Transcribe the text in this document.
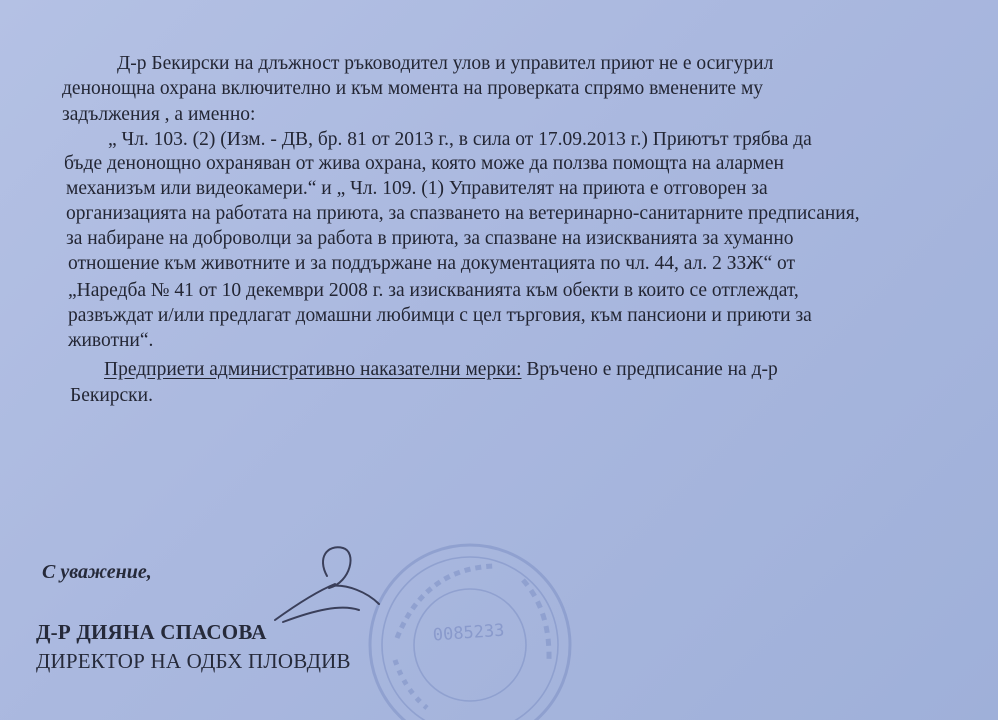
Д-р Бекирски на длъжност ръководител улов и управител приют не е осигурил
денонощна охрана включително и към момента на проверката спрямо вменените му
задължения , а именно:
„ Чл. 103. (2) (Изм. - ДВ, бр. 81 от 2013 г., в сила от 17.09.2013 г.) Приютът трябва да
бъде денонощно охраняван от жива охрана, която може да ползва помощта на алармен
механизъм или видеокамери.“ и „ Чл. 109. (1) Управителят на приюта е отговорен за
организацията на работата на приюта, за спазването на ветеринарно-санитарните предписания,
за набиране на доброволци за работа в приюта, за спазване на изискванията за хуманно
отношение към животните и за поддържане на документацията по чл. 44, ал. 2 ЗЗЖ“ от
„Наредба № 41 от 10 декември 2008 г. за изискванията към обекти в които се отглеждат,
развъждат и/или предлагат домашни любимци с цел търговия, към пансиони и приюти за
животни“.
Предприети административно наказателни мерки: Връчено е предписание на д-р
Бекирски.
С уважение,
Д-Р ДИЯНА СПАСОВА
ДИРЕКТОР НА ОДБХ ПЛОВДИВ
0085233
